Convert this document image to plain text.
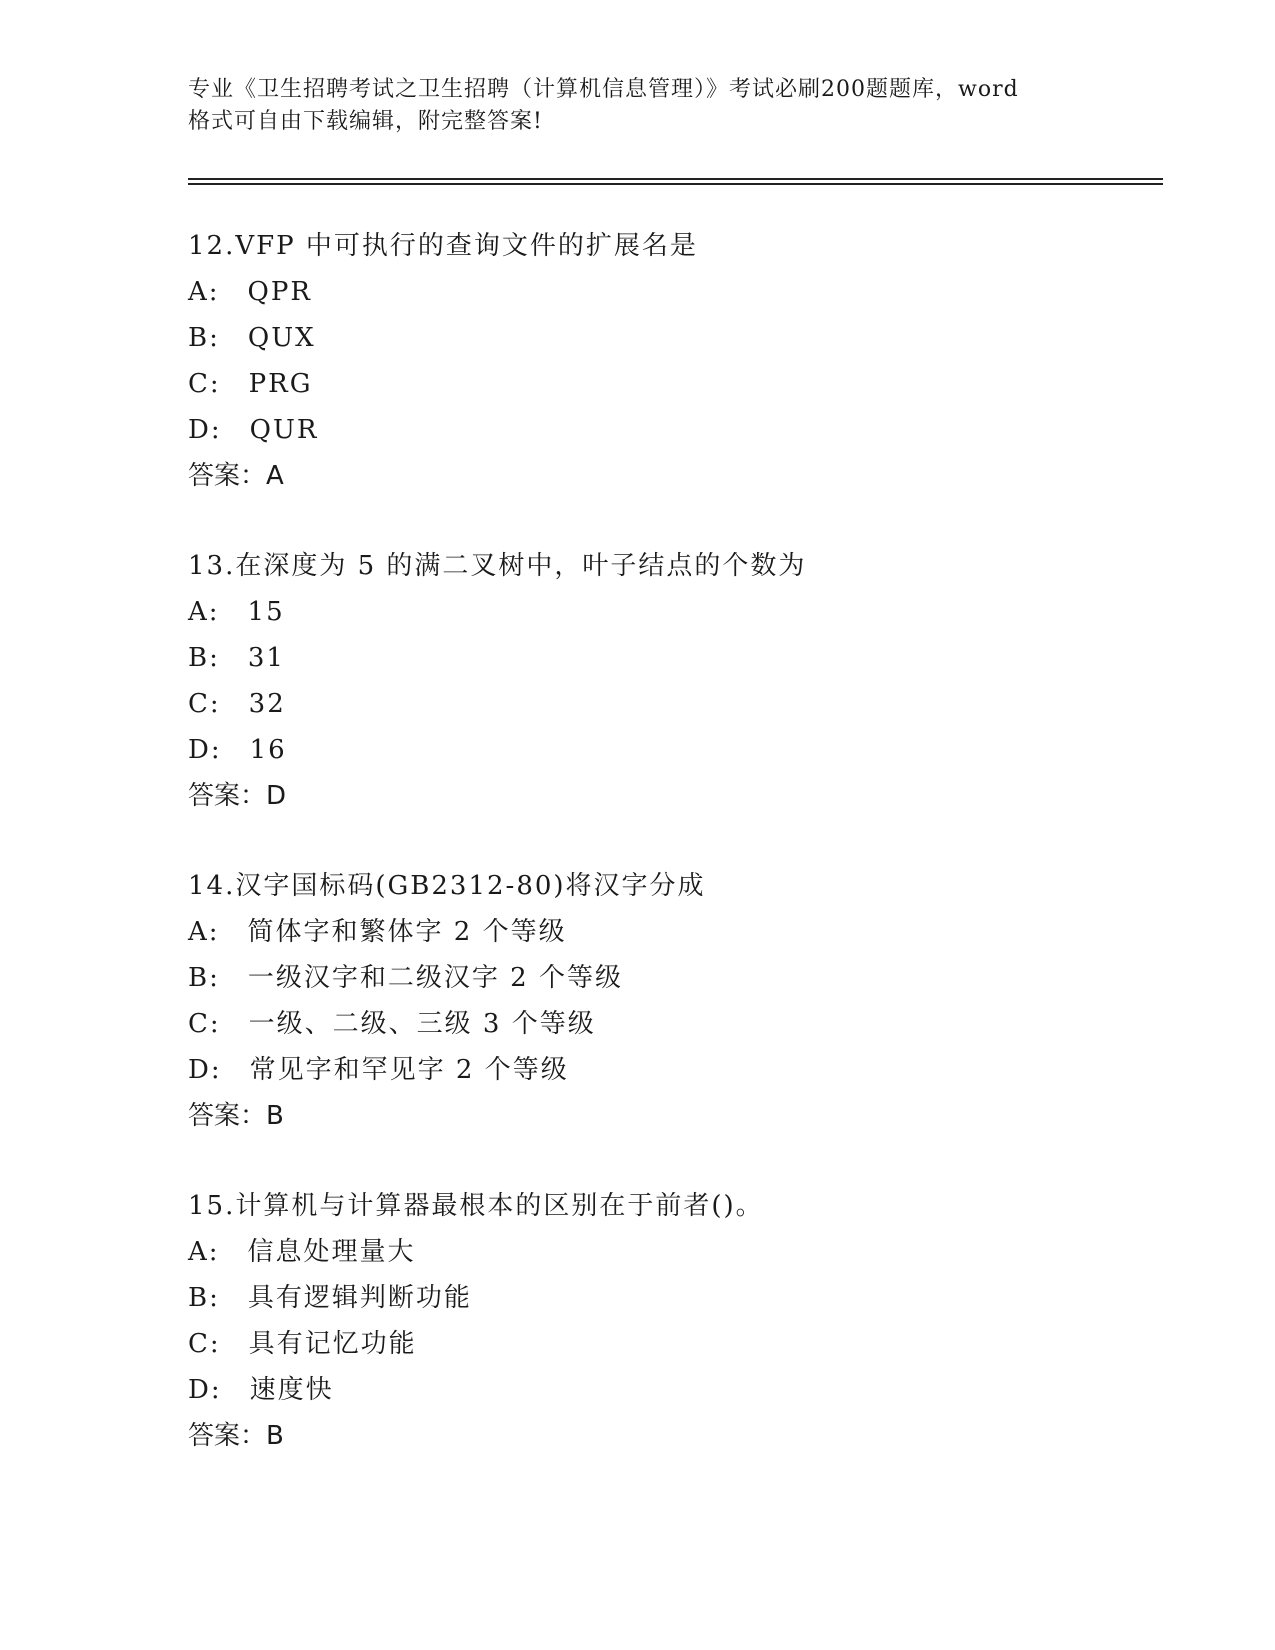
专业《卫生招聘考试之卫生招聘（计算机信息管理）》考试必刷200题题库，word
格式可自由下载编辑，附完整答案!
12.VFP 中可执行的查询文件的扩展名是
A: QPR
B: QUX
C: PRG
D: QUR
答案：A
13.在深度为 5 的满二叉树中，叶子结点的个数为
A: 15
B: 31
C: 32
D: 16
答案：D
14.汉字国标码(GB2312-80)将汉字分成
A: 简体字和繁体字 2 个等级
B: 一级汉字和二级汉字 2 个等级
C: 一级、二级、三级 3 个等级
D: 常见字和罕见字 2 个等级
答案：B
15.计算机与计算器最根本的区别在于前者()。
A: 信息处理量大
B: 具有逻辑判断功能
C: 具有记忆功能
D: 速度快
答案：B
